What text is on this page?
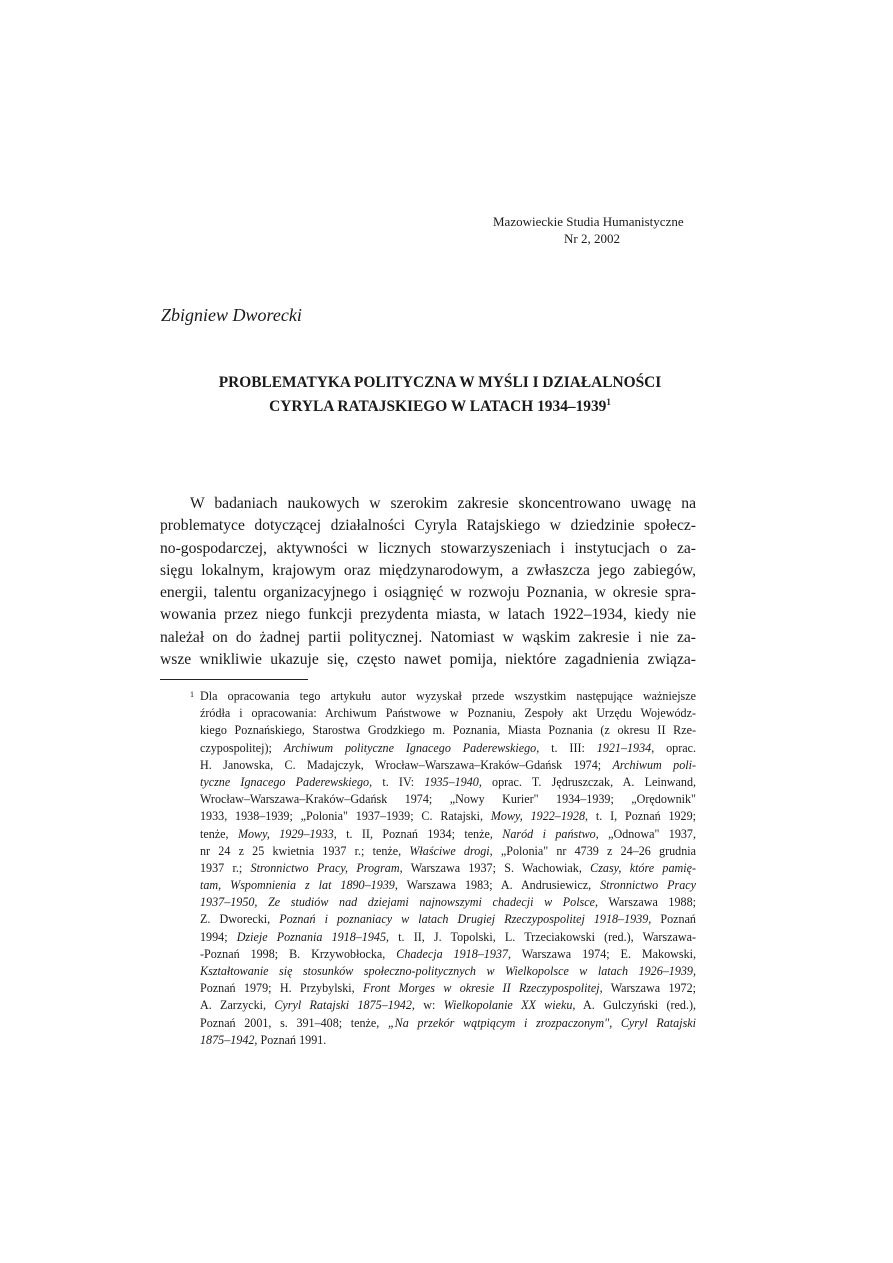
Mazowieckie Studia Humanistyczne
Nr 2, 2002
Zbigniew Dworecki
PROBLEMATYKA POLITYCZNA W MYŚLI I DZIAŁALNOŚCI
CYRYLA RATAJSKIEGO W LATACH 1934–1939$^1$
W badaniach naukowych w szerokim zakresie skoncentrowano uwagę na
problematyce dotyczącej działalności Cyryla Ratajskiego w dziedzinie społecz-
no-gospodarczej, aktywności w licznych stowarzyszeniach i instytucjach o za-
sięgu lokalnym, krajowym oraz międzynarodowym, a zwłaszcza jego zabiegów,
energii, talentu organizacyjnego i osiągnięć w rozwoju Poznania, w okresie spra-
wowania przez niego funkcji prezydenta miasta, w latach 1922–1934, kiedy nie
należał on do żadnej partii politycznej. Natomiast w wąskim zakresie i nie za-
wsze wnikliwie ukazuje się, często nawet pomija, niektóre zagadnienia związa-
1 Dla opracowania tego artykułu autor wyzyskał przede wszystkim następujące ważniejsze
źródła i opracowania: Archiwum Państwowe w Poznaniu, Zespoły akt Urzędu Wojewódz-
kiego Poznańskiego, Starostwa Grodzkiego m. Poznania, Miasta Poznania (z okresu II Rze-
czypospolitej); Archiwum polityczne Ignacego Paderewskiego, t. III: 1921–1934, oprac.
H. Janowska, C. Madajczyk, Wrocław–Warszawa–Kraków–Gdańsk 1974; Archiwum poli-
tyczne Ignacego Paderewskiego, t. IV: 1935–1940, oprac. T. Jędruszczak, A. Leinwand,
Wrocław–Warszawa–Kraków–Gdańsk 1974; „Nowy Kurier" 1934–1939; „Orędownik"
1933, 1938–1939; „Polonia" 1937–1939; C. Ratajski, Mowy, 1922–1928, t. I, Poznań 1929;
tenże, Mowy, 1929–1933, t. II, Poznań 1934; tenże, Naród i państwo, „Odnowa" 1937,
nr 24 z 25 kwietnia 1937 r.; tenże, Właściwe drogi, „Polonia" nr 4739 z 24–26 grudnia
1937 r.; Stronnictwo Pracy, Program, Warszawa 1937; S. Wachowiak, Czasy, które pamię-
tam, Wspomnienia z lat 1890–1939, Warszawa 1983; A. Andrusiewicz, Stronnictwo Pracy
1937–1950, Ze studiów nad dziejami najnowszymi chadecji w Polsce, Warszawa 1988;
Z. Dworecki, Poznań i poznaniacy w latach Drugiej Rzeczypospolitej 1918–1939, Poznań
1994; Dzieje Poznania 1918–1945, t. II, J. Topolski, L. Trzeciakowski (red.), Warszawa-
-Poznań 1998; B. Krzywobłocka, Chadecja 1918–1937, Warszawa 1974; E. Makowski,
Kształtowanie się stosunków społeczno-politycznych w Wielkopolsce w latach 1926–1939,
Poznań 1979; H. Przybylski, Front Morges w okresie II Rzeczypospolitej, Warszawa 1972;
A. Zarzycki, Cyryl Ratajski 1875–1942, w: Wielkopolanie XX wieku, A. Gulczyński (red.),
Poznań 2001, s. 391–408; tenże, „Na przekór wątpiącym i zrozpaczonym", Cyryl Ratajski
1875–1942, Poznań 1991.
